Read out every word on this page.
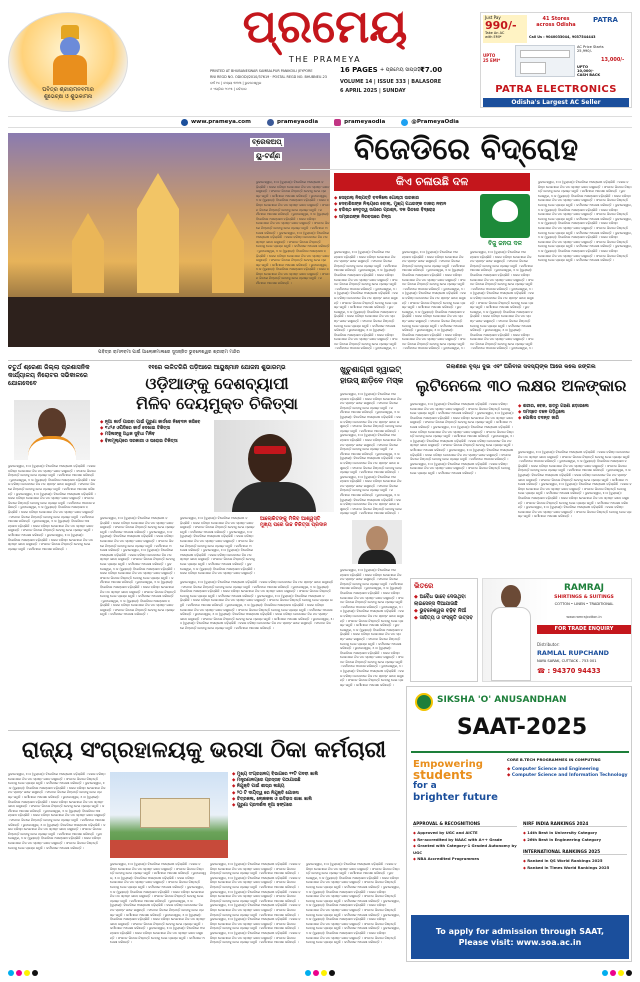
ପବିତ୍ର ଶ୍ରୀରାମନବମୀର
ଶୁଭେଚ୍ଛା ଓ ଶୁଭକାମନା
ପ୍ରମେୟ
THE PRAMEYA
PRINTED AT BHUBANESWAR SAMBALPUR PANIKOILI JEYPORE
RNI REGD NO. ODIODI/2010/37619 · POSTAL REGD NO. BHUBNEU-23
ବର୍ଷ ୧୪ | ସଂଖ୍ୟା ୩୩୩ | ଭୁବନେଶ୍ୱର
୬ ଏପ୍ରିଲ ୨୦୨୫ | ରବିବାର
16 PAGES + ପ୍ରମେୟ ସାପ୍ତାହିକ
₹7.00
VOLUME 14 | ISSUE 333 | BALASORE
6 APRIL 2025 | SUNDAY
Just Pay
990/-
Take An AC
with EMI*
41 Stores
across Odisha
PATRA
Call Us : 9040033044, 9037544443
UPTO
25 EMI*
AC Price Starts
25,990/-
13,000/-
UPTO
10,000/-
CASH BACK
PATRA ELECTRONICS
Odisha's Largest AC Seller
www.prameya.com	prameyaodia	prameyaodia	@PrameyaOdia
ପବିତ୍ର ରାମନବମୀ ପାଇଁ ଆଲୋକମାଳାରେ ସୁସଜ୍ଜିତ ଭୁବନେଶ୍ୱର ଶ୍ରୀରାମ ମନ୍ଦିର
ବ୍ରେକଅପ୍
ୟୁ-ଟର୍ଣ୍ଣ	ବିଜେଡିରେ ବିଦ୍ରୋହ
କିଏ ଚଳାଉଛି ଦଳ
◆ ସେହ୍ରଲ୍ ନିଷ୍ପତ୍ତି ବଦଳିଲେ ଗୋଷ୍ଠୀ ତାରକାର
◆ ଦେବାଶିଷଙ୍କ ନିଶ୍ଚୟରେ ବୋଲା, ମୁଖ୍ୟ ପଥରଙ୍କ ଡାକରା ନବୀନ
◆ ବରିଷ୍ଠ ନେତୃତ୍ୱ ଉପରେ ପ୍ରଶ୍ନ, ଦଳ ଭିତରେ ବିଦ୍ରୋହ
◆ ସମ୍ଭୀରଙ୍କ ନିରବତାରେ ଚିନ୍ତା
ବିଜୁ ଜନତା ଦଳ
ଭୁବନେଶ୍ୱର, ୫।୪ (ବ୍ୟୁରୋ): ବିଜେଡିରେ ଅସନ୍ତୋଷ ବଢ଼ିଚାଲିଛି । ଦଳର ବରିଷ୍ଠ ନେତାମାନେ ନିଜ ମତ ସ୍ପଷ୍ଟ ଭାବେ ରଖୁଛନ୍ତି । ସଂଗଠନ ଭିତରେ ନିଷ୍ପତ୍ତି ନେବାକୁ ନେଇ ପ୍ରଶ୍ନ ଉଠୁଛି । କର୍ମୀମାନେ ଅପେକ୍ଷା କରିଛନ୍ତି । ଭୁବନେଶ୍ୱର, ୫।୪ (ବ୍ୟୁରୋ): ବିଜେଡିରେ ଅସନ୍ତୋଷ ବଢ଼ିଚାଲିଛି । ଦଳର ବରିଷ୍ଠ ନେତାମାନେ ନିଜ ମତ ସ୍ପଷ୍ଟ ଭାବେ ରଖୁଛନ୍ତି । ସଂଗଠନ ଭିତରେ ନିଷ୍ପତ୍ତି ନେବାକୁ ନେଇ ପ୍ରଶ୍ନ ଉଠୁଛି । କର୍ମୀମାନେ ଅପେକ୍ଷା କରିଛନ୍ତି । ଭୁବନେଶ୍ୱର, ୫।୪ (ବ୍ୟୁରୋ): ବିଜେଡିରେ ଅସନ୍ତୋଷ ବଢ଼ିଚାଲିଛି । ଦଳର ବରିଷ୍ଠ ନେତାମାନେ ନିଜ ମତ ସ୍ପଷ୍ଟ ଭାବେ ରଖୁଛନ୍ତି । ସଂଗଠନ ଭିତରେ ନିଷ୍ପତ୍ତି ନେବାକୁ ନେଇ ପ୍ରଶ୍ନ ଉଠୁଛି । କର୍ମୀମାନେ ଅପେକ୍ଷା କରିଛନ୍ତି । ଭୁବନେଶ୍ୱର, ୫।୪ (ବ୍ୟୁରୋ): ବିଜେଡିରେ ଅସନ୍ତୋଷ ବଢ଼ିଚାଲିଛି । ଦଳର ବରିଷ୍ଠ ନେତାମାନେ ନିଜ ମତ ସ୍ପଷ୍ଟ ଭାବେ ରଖୁଛନ୍ତି । ସଂଗଠନ ଭିତରେ ନିଷ୍ପତ୍ତି ନେବାକୁ ନେଇ ପ୍ରଶ୍ନ ଉଠୁଛି । କର୍ମୀମାନେ ଅପେକ୍ଷା କରିଛନ୍ତି । ଭୁବନେଶ୍ୱର, ୫।୪ (ବ୍ୟୁରୋ): ବିଜେଡିରେ ଅସନ୍ତୋଷ ବଢ଼ିଚାଲିଛି । ଦଳର ବରିଷ୍ଠ ନେତାମାନେ ନିଜ ମତ ସ୍ପଷ୍ଟ ଭାବେ ରଖୁଛନ୍ତି । ସଂଗଠନ ଭିତରେ ନିଷ୍ପତ୍ତି ନେବାକୁ ନେଇ ପ୍ରଶ୍ନ ଉଠୁଛି । କର୍ମୀମାନେ ଅପେକ୍ଷା କରିଛନ୍ତି । ଭୁବନେଶ୍ୱର, ୫।୪ (ବ୍ୟୁରୋ): ବିଜେଡିରେ ଅସନ୍ତୋଷ ବଢ଼ିଚାଲିଛି । ଦଳର ବରିଷ୍ଠ ନେତାମାନେ ନିଜ ମତ ସ୍ପଷ୍ଟ ଭାବେ ରଖୁଛନ୍ତି । ସଂଗଠନ ଭିତରେ ନିଷ୍ପତ୍ତି ନେବାକୁ ନେଇ ପ୍ରଶ୍ନ ଉଠୁଛି । କର୍ମୀମାନେ ଅପେକ୍ଷା କରିଛନ୍ତି ।
ଭୁବନେଶ୍ୱର, ୫।୪ (ବ୍ୟୁରୋ): ବିଜେଡିରେ ଅସନ୍ତୋଷ ବଢ଼ିଚାଲିଛି । ଦଳର ବରିଷ୍ଠ ନେତାମାନେ ନିଜ ମତ ସ୍ପଷ୍ଟ ଭାବେ ରଖୁଛନ୍ତି । ସଂଗଠନ ଭିତରେ ନିଷ୍ପତ୍ତି ନେବାକୁ ନେଇ ପ୍ରଶ୍ନ ଉଠୁଛି । କର୍ମୀମାନେ ଅପେକ୍ଷା କରିଛନ୍ତି । ଭୁବନେଶ୍ୱର, ୫।୪ (ବ୍ୟୁରୋ): ବିଜେଡିରେ ଅସନ୍ତୋଷ ବଢ଼ିଚାଲିଛି । ଦଳର ବରିଷ୍ଠ ନେତାମାନେ ନିଜ ମତ ସ୍ପଷ୍ଟ ଭାବେ ରଖୁଛନ୍ତି । ସଂଗଠନ ଭିତରେ ନିଷ୍ପତ୍ତି ନେବାକୁ ନେଇ ପ୍ରଶ୍ନ ଉଠୁଛି । କର୍ମୀମାନେ ଅପେକ୍ଷା କରିଛନ୍ତି । ଭୁବନେଶ୍ୱର, ୫।୪ (ବ୍ୟୁରୋ): ବିଜେଡିରେ ଅସନ୍ତୋଷ ବଢ଼ିଚାଲିଛି । ଦଳର ବରିଷ୍ଠ ନେତାମାନେ ନିଜ ମତ ସ୍ପଷ୍ଟ ଭାବେ ରଖୁଛନ୍ତି । ସଂଗଠନ ଭିତରେ ନିଷ୍ପତ୍ତି ନେବାକୁ ନେଇ ପ୍ରଶ୍ନ ଉଠୁଛି । କର୍ମୀମାନେ ଅପେକ୍ଷା କରିଛନ୍ତି । ଭୁବନେଶ୍ୱର, ୫।୪ (ବ୍ୟୁରୋ): ବିଜେଡିରେ ଅସନ୍ତୋଷ ବଢ଼ିଚାଲିଛି । ଦଳର ବରିଷ୍ଠ ନେତାମାନେ ନିଜ ମତ ସ୍ପଷ୍ଟ ଭାବେ ରଖୁଛନ୍ତି । ସଂଗଠନ ଭିତରେ ନିଷ୍ପତ୍ତି ନେବାକୁ ନେଇ ପ୍ରଶ୍ନ ଉଠୁଛି । କର୍ମୀମାନେ ଅପେକ୍ଷା କରିଛନ୍ତି । ଭୁବନେଶ୍ୱର, ୫।୪ (ବ୍ୟୁରୋ): ବିଜେଡିରେ ଅସନ୍ତୋଷ ବଢ଼ିଚାଲିଛି । ଦଳର ବରିଷ୍ଠ ନେତାମାନେ ନିଜ ମତ ସ୍ପଷ୍ଟ ଭାବେ ରଖୁଛନ୍ତି । ସଂଗଠନ ଭିତରେ ନିଷ୍ପତ୍ତି ନେବାକୁ ନେଇ ପ୍ରଶ୍ନ ଉଠୁଛି । କର୍ମୀମାନେ ଅପେକ୍ଷା କରିଛନ୍ତି । ଭୁବନେଶ୍ୱର, ୫।
ଭୁବନେଶ୍ୱର, ୫।୪ (ବ୍ୟୁରୋ): ବିଜେଡିରେ ଅସନ୍ତୋଷ ବଢ଼ିଚାଲିଛି । ଦଳର ବରିଷ୍ଠ ନେତାମାନେ ନିଜ ମତ ସ୍ପଷ୍ଟ ଭାବେ ରଖୁଛନ୍ତି । ସଂଗଠନ ଭିତରେ ନିଷ୍ପତ୍ତି ନେବାକୁ ନେଇ ପ୍ରଶ୍ନ ଉଠୁଛି । କର୍ମୀମାନେ ଅପେକ୍ଷା କରିଛନ୍ତି । ଭୁବନେଶ୍ୱର, ୫।୪ (ବ୍ୟୁରୋ): ବିଜେଡିରେ ଅସନ୍ତୋଷ ବଢ଼ିଚାଲିଛି । ଦଳର ବରିଷ୍ଠ ନେତାମାନେ ନିଜ ମତ ସ୍ପଷ୍ଟ ଭାବେ ରଖୁଛନ୍ତି । ସଂଗଠନ ଭିତରେ ନିଷ୍ପତ୍ତି ନେବାକୁ ନେଇ ପ୍ରଶ୍ନ ଉଠୁଛି । କର୍ମୀମାନେ ଅପେକ୍ଷା କରିଛନ୍ତି । ଭୁବନେଶ୍ୱର, ୫।୪ (ବ୍ୟୁରୋ): ବିଜେଡିରେ ଅସନ୍ତୋଷ ବଢ଼ିଚାଲିଛି । ଦଳର ବରିଷ୍ଠ ନେତାମାନେ ନିଜ ମତ ସ୍ପଷ୍ଟ ଭାବେ ରଖୁଛନ୍ତି । ସଂଗଠନ ଭିତରେ ନିଷ୍ପତ୍ତି ନେବାକୁ ନେଇ ପ୍ରଶ୍ନ ଉଠୁଛି । କର୍ମୀମାନେ ଅପେକ୍ଷା କରିଛନ୍ତି । ଭୁବନେଶ୍ୱର, ୫।୪ (ବ୍ୟୁରୋ): ବିଜେଡିରେ ଅସନ୍ତୋଷ ବଢ଼ିଚାଲିଛି । ଦଳର ବରିଷ୍ଠ ନେତାମାନେ ନିଜ ମତ ସ୍ପଷ୍ଟ ଭାବେ ରଖୁଛନ୍ତି । ସଂଗଠନ ଭିତରେ ନିଷ୍ପତ୍ତି ନେବାକୁ ନେଇ ପ୍ରଶ୍ନ ଉଠୁଛି । କର୍ମୀମାନେ ଅପେକ୍ଷା କରିଛନ୍ତି । ଭୁବନେଶ୍ୱର, ୫।୪ (ବ୍ୟୁରୋ): ବିଜେଡିରେ ଅସନ୍ତୋଷ ବଢ଼ିଚାଲିଛି । ଦଳର ବରିଷ୍ଠ ନେତାମାନେ ନିଜ ମତ ସ୍ପଷ୍ଟ ଭାବେ ରଖୁଛନ୍ତି । ସଂଗଠନ ଭିତରେ ନିଷ୍ପତ୍ତି ନେବାକୁ ନେଇ ପ୍ରଶ୍ନ ଉଠୁଛି । କର୍ମୀମାନେ ଅପେକ୍ଷା କରିଛନ୍ତି । ଭୁବନେଶ୍ୱର, ୫।
ଭୁବନେଶ୍ୱର, ୫।୪ (ବ୍ୟୁରୋ): ବିଜେଡିରେ ଅସନ୍ତୋଷ ବଢ଼ିଚାଲିଛି । ଦଳର ବରିଷ୍ଠ ନେତାମାନେ ନିଜ ମତ ସ୍ପଷ୍ଟ ଭାବେ ରଖୁଛନ୍ତି । ସଂଗଠନ ଭିତରେ ନିଷ୍ପତ୍ତି ନେବାକୁ ନେଇ ପ୍ରଶ୍ନ ଉଠୁଛି । କର୍ମୀମାନେ ଅପେକ୍ଷା କରିଛନ୍ତି । ଭୁବନେଶ୍ୱର, ୫।୪ (ବ୍ୟୁରୋ): ବିଜେଡିରେ ଅସନ୍ତୋଷ ବଢ଼ିଚାଲିଛି । ଦଳର ବରିଷ୍ଠ ନେତାମାନେ ନିଜ ମତ ସ୍ପଷ୍ଟ ଭାବେ ରଖୁଛନ୍ତି । ସଂଗଠନ ଭିତରେ ନିଷ୍ପତ୍ତି ନେବାକୁ ନେଇ ପ୍ରଶ୍ନ ଉଠୁଛି । କର୍ମୀମାନେ ଅପେକ୍ଷା କରିଛନ୍ତି । ଭୁବନେଶ୍ୱର, ୫।୪ (ବ୍ୟୁରୋ): ବିଜେଡିରେ ଅସନ୍ତୋଷ ବଢ଼ିଚାଲିଛି । ଦଳର ବରିଷ୍ଠ ନେତାମାନେ ନିଜ ମତ ସ୍ପଷ୍ଟ ଭାବେ ରଖୁଛନ୍ତି । ସଂଗଠନ ଭିତରେ ନିଷ୍ପତ୍ତି ନେବାକୁ ନେଇ ପ୍ରଶ୍ନ ଉଠୁଛି । କର୍ମୀମାନେ ଅପେକ୍ଷା କରିଛନ୍ତି । ଭୁବନେଶ୍ୱର, ୫।୪ (ବ୍ୟୁରୋ): ବିଜେଡିରେ ଅସନ୍ତୋଷ ବଢ଼ିଚାଲିଛି । ଦଳର ବରିଷ୍ଠ ନେତାମାନେ ନିଜ ମତ ସ୍ପଷ୍ଟ ଭାବେ ରଖୁଛନ୍ତି । ସଂଗଠନ ଭିତରେ ନିଷ୍ପତ୍ତି ନେବାକୁ ନେଇ ପ୍ରଶ୍ନ ଉଠୁଛି । କର୍ମୀମାନେ ଅପେକ୍ଷା କରିଛନ୍ତି । ଭୁବନେଶ୍ୱର, ୫।୪ (ବ୍ୟୁରୋ): ବିଜେଡିରେ ଅସନ୍ତୋଷ ବଢ଼ିଚାଲିଛି । ଦଳର ବରିଷ୍ଠ ନେତାମାନେ ନିଜ ମତ ସ୍ପଷ୍ଟ ଭାବେ ରଖୁଛନ୍ତି । ସଂଗଠନ ଭିତରେ ନିଷ୍ପତ୍ତି ନେବାକୁ ନେଇ ପ୍ରଶ୍ନ ଉଠୁଛି । କର୍ମୀମାନେ ଅପେକ୍ଷା କରିଛନ୍ତି । ଭୁବନେଶ୍ୱର, ୫।
ଭୁବନେଶ୍ୱର, ୫।୪ (ବ୍ୟୁରୋ): ବିଜେଡିରେ ଅସନ୍ତୋଷ ବଢ଼ିଚାଲିଛି । ଦଳର ବରିଷ୍ଠ ନେତାମାନେ ନିଜ ମତ ସ୍ପଷ୍ଟ ଭାବେ ରଖୁଛନ୍ତି । ସଂଗଠନ ଭିତରେ ନିଷ୍ପତ୍ତି ନେବାକୁ ନେଇ ପ୍ରଶ୍ନ ଉଠୁଛି । କର୍ମୀମାନେ ଅପେକ୍ଷା କରିଛନ୍ତି । ଭୁବନେଶ୍ୱର, ୫।୪ (ବ୍ୟୁରୋ): ବିଜେଡିରେ ଅସନ୍ତୋଷ ବଢ଼ିଚାଲିଛି । ଦଳର ବରିଷ୍ଠ ନେତାମାନେ ନିଜ ମତ ସ୍ପଷ୍ଟ ଭାବେ ରଖୁଛନ୍ତି । ସଂଗଠନ ଭିତରେ ନିଷ୍ପତ୍ତି ନେବାକୁ ନେଇ ପ୍ରଶ୍ନ ଉଠୁଛି । କର୍ମୀମାନେ ଅପେକ୍ଷା କରିଛନ୍ତି । ଭୁବନେଶ୍ୱର, ୫।୪ (ବ୍ୟୁରୋ): ବିଜେଡିରେ ଅସନ୍ତୋଷ ବଢ଼ିଚାଲିଛି । ଦଳର ବରିଷ୍ଠ ନେତାମାନେ ନିଜ ମତ ସ୍ପଷ୍ଟ ଭାବେ ରଖୁଛନ୍ତି । ସଂଗଠନ ଭିତରେ ନିଷ୍ପତ୍ତି ନେବାକୁ ନେଇ ପ୍ରଶ୍ନ ଉଠୁଛି । କର୍ମୀମାନେ ଅପେକ୍ଷା କରିଛନ୍ତି । ଭୁବନେଶ୍ୱର, ୫।୪ (ବ୍ୟୁରୋ): ବିଜେଡିରେ ଅସନ୍ତୋଷ ବଢ଼ିଚାଲିଛି । ଦଳର ବରିଷ୍ଠ ନେତାମାନେ ନିଜ ମତ ସ୍ପଷ୍ଟ ଭାବେ ରଖୁଛନ୍ତି । ସଂଗଠନ ଭିତରେ ନିଷ୍ପତ୍ତି ନେବାକୁ ନେଇ ପ୍ରଶ୍ନ ଉଠୁଛି । କର୍ମୀମାନେ ଅପେକ୍ଷା କରିଛନ୍ତି । ଭୁବନେଶ୍ୱର, ୫।୪ (ବ୍ୟୁରୋ): ବିଜେଡିରେ ଅସନ୍ତୋଷ ବଢ଼ିଚାଲିଛି । ଦଳର ବରିଷ୍ଠ ନେତାମାନେ ନିଜ ମତ ସ୍ପଷ୍ଟ ଭାବେ ରଖୁଛନ୍ତି । ସଂଗଠନ ଭିତରେ ନିଷ୍ପତ୍ତି ନେବାକୁ ନେଇ ପ୍ରଶ୍ନ ଉଠୁଛି । କର୍ମୀମାନେ ଅପେକ୍ଷା କରିଛନ୍ତି । ଭୁବନେଶ୍ୱର, ୫।୪ (ବ୍ୟୁରୋ): ବିଜେଡିରେ ଅସନ୍ତୋଷ ବଢ଼ିଚାଲିଛି । ଦଳର ବରିଷ୍ଠ ନେତାମାନେ ନିଜ ମତ ସ୍ପଷ୍ଟ ଭାବେ ରଖୁଛନ୍ତି । ସଂଗଠନ ଭିତରେ ନିଷ୍ପତ୍ତି ନେବାକୁ ନେଇ ପ୍ରଶ୍ନ ଉଠୁଛି । କର୍ମୀମାନେ ଅପେକ୍ଷା କରିଛନ୍ତି ।
ଚତୁର୍ଥ ଶ୍ରେଣୀ ଜିଲ୍ଲା ପ୍ରଶାସନିକ କାର୍ଯ୍ୟାଳୟ ନିରୋଟର ସଭିକାଳରେ ଯୋଗଦେବେ
ଭୁବନେଶ୍ୱର, ୫।୪ (ବ୍ୟୁରୋ): ବିଜେଡିରେ ଅସନ୍ତୋଷ ବଢ଼ିଚାଲିଛି । ଦଳର ବରିଷ୍ଠ ନେତାମାନେ ନିଜ ମତ ସ୍ପଷ୍ଟ ଭାବେ ରଖୁଛନ୍ତି । ସଂଗଠନ ଭିତରେ ନିଷ୍ପତ୍ତି ନେବାକୁ ନେଇ ପ୍ରଶ୍ନ ଉଠୁଛି । କର୍ମୀମାନେ ଅପେକ୍ଷା କରିଛନ୍ତି । ଭୁବନେଶ୍ୱର, ୫।୪ (ବ୍ୟୁରୋ): ବିଜେଡିରେ ଅସନ୍ତୋଷ ବଢ଼ିଚାଲିଛି । ଦଳର ବରିଷ୍ଠ ନେତାମାନେ ନିଜ ମତ ସ୍ପଷ୍ଟ ଭାବେ ରଖୁଛନ୍ତି । ସଂଗଠନ ଭିତରେ ନିଷ୍ପତ୍ତି ନେବାକୁ ନେଇ ପ୍ରଶ୍ନ ଉଠୁଛି । କର୍ମୀମାନେ ଅପେକ୍ଷା କରିଛନ୍ତି । ଭୁବନେଶ୍ୱର, ୫।୪ (ବ୍ୟୁରୋ): ବିଜେଡିରେ ଅସନ୍ତୋଷ ବଢ଼ିଚାଲିଛି । ଦଳର ବରିଷ୍ଠ ନେତାମାନେ ନିଜ ମତ ସ୍ପଷ୍ଟ ଭାବେ ରଖୁଛନ୍ତି । ସଂଗଠନ ଭିତରେ ନିଷ୍ପତ୍ତି ନେବାକୁ ନେଇ ପ୍ରଶ୍ନ ଉଠୁଛି । କର୍ମୀମାନେ ଅପେକ୍ଷା କରିଛନ୍ତି । ଭୁବନେଶ୍ୱର, ୫।୪ (ବ୍ୟୁରୋ): ବିଜେଡିରେ ଅସନ୍ତୋଷ ବଢ଼ିଚାଲିଛି । ଦଳର ବରିଷ୍ଠ ନେତାମାନେ ନିଜ ମତ ସ୍ପଷ୍ଟ ଭାବେ ରଖୁଛନ୍ତି । ସଂଗଠନ ଭିତରେ ନିଷ୍ପତ୍ତି ନେବାକୁ ନେଇ ପ୍ରଶ୍ନ ଉଠୁଛି । କର୍ମୀମାନେ ଅପେକ୍ଷା କରିଛନ୍ତି । ଭୁବନେଶ୍ୱର, ୫।୪ (ବ୍ୟୁରୋ): ବିଜେଡିରେ ଅସନ୍ତୋଷ ବଢ଼ିଚାଲିଛି । ଦଳର ବରିଷ୍ଠ ନେତାମାନେ ନିଜ ମତ ସ୍ପଷ୍ଟ ଭାବେ ରଖୁଛନ୍ତି । ସଂଗଠନ ଭିତରେ ନିଷ୍ପତ୍ତି ନେବାକୁ ନେଇ ପ୍ରଶ୍ନ ଉଠୁଛି । କର୍ମୀମାନେ ଅପେକ୍ଷା କରିଛନ୍ତି । ଭୁବନେଶ୍ୱର, ୫।୪ (ବ୍ୟୁରୋ): ବିଜେଡିରେ ଅସନ୍ତୋଷ ବଢ଼ିଚାଲିଛି । ଦଳର ବରିଷ୍ଠ ନେତାମାନେ ନିଜ ମତ ସ୍ପଷ୍ଟ ଭାବେ ରଖୁଛନ୍ତି । ସଂଗଠନ ଭିତରେ ନିଷ୍ପତ୍ତି ନେବାକୁ ନେଇ ପ୍ରଶ୍ନ ଉଠୁଛି । କର୍ମୀମାନେ ଅପେକ୍ଷା କରିଛନ୍ତି ।
୧୧ରେ ଲଳିତଗିରି ପଡ଼ିଆରେ ଆୟୁଷ୍ମାନ ଯୋଜନା ଶୁଭାରମ୍ଭ
ଓଡ଼ିଆଙ୍କୁ ଦେଶବ୍ୟାପୀ
ମିଳିବ ଦେୟମୁକ୍ତ ଚିକିତ୍ସା
◆ ନୂଆ କାର୍ଡ ପାଇବା ପାଇଁ ପୁରୁଣା କାର୍ଡରେ ନିବେଦନ କରିବେ
◆ ୧୪୨୬ ଓପିଡିରେ କାର୍ଡ ଦେଖାଇ ଚିକିତ୍ସା
◆ ମହିଳାଙ୍କୁ ଅଧିକ ସୁବିଧା ମିଳିବ
◆ ବିନାମୂଲ୍ୟରେ ସରକାରୀ ଓ ଘରୋଇ ଚିକିତ୍ସା
ଭୁବନେଶ୍ୱର, ୫।୪ (ବ୍ୟୁରୋ): ବିଜେଡିରେ ଅସନ୍ତୋଷ ବଢ଼ିଚାଲିଛି । ଦଳର ବରିଷ୍ଠ ନେତାମାନେ ନିଜ ମତ ସ୍ପଷ୍ଟ ଭାବେ ରଖୁଛନ୍ତି । ସଂଗଠନ ଭିତରେ ନିଷ୍ପତ୍ତି ନେବାକୁ ନେଇ ପ୍ରଶ୍ନ ଉଠୁଛି । କର୍ମୀମାନେ ଅପେକ୍ଷା କରିଛନ୍ତି । ଭୁବନେଶ୍ୱର, ୫।୪ (ବ୍ୟୁରୋ): ବିଜେଡିରେ ଅସନ୍ତୋଷ ବଢ଼ିଚାଲିଛି । ଦଳର ବରିଷ୍ଠ ନେତାମାନେ ନିଜ ମତ ସ୍ପଷ୍ଟ ଭାବେ ରଖୁଛନ୍ତି । ସଂଗଠନ ଭିତରେ ନିଷ୍ପତ୍ତି ନେବାକୁ ନେଇ ପ୍ରଶ୍ନ ଉଠୁଛି । କର୍ମୀମାନେ ଅପେକ୍ଷା କରିଛନ୍ତି । ଭୁବନେଶ୍ୱର, ୫।୪ (ବ୍ୟୁରୋ): ବିଜେଡିରେ ଅସନ୍ତୋଷ ବଢ଼ିଚାଲିଛି । ଦଳର ବରିଷ୍ଠ ନେତାମାନେ ନିଜ ମତ ସ୍ପଷ୍ଟ ଭାବେ ରଖୁଛନ୍ତି । ସଂଗଠନ ଭିତରେ ନିଷ୍ପତ୍ତି ନେବାକୁ ନେଇ ପ୍ରଶ୍ନ ଉଠୁଛି । କର୍ମୀମାନେ ଅପେକ୍ଷା କରିଛନ୍ତି । ଭୁବନେଶ୍ୱର, ୫।୪ (ବ୍ୟୁରୋ): ବିଜେଡିରେ ଅସନ୍ତୋଷ ବଢ଼ିଚାଲିଛି । ଦଳର ବରିଷ୍ଠ ନେତାମାନେ ନିଜ ମତ ସ୍ପଷ୍ଟ ଭାବେ ରଖୁଛନ୍ତି । ସଂଗଠନ ଭିତରେ ନିଷ୍ପତ୍ତି ନେବାକୁ ନେଇ ପ୍ରଶ୍ନ ଉଠୁଛି । କର୍ମୀମାନେ ଅପେକ୍ଷା କରିଛନ୍ତି । ଭୁବନେଶ୍ୱର, ୫।୪ (ବ୍ୟୁରୋ): ବିଜେଡିରେ ଅସନ୍ତୋଷ ବଢ଼ିଚାଲିଛି । ଦଳର ବରିଷ୍ଠ ନେତାମାନେ ନିଜ ମତ ସ୍ପଷ୍ଟ ଭାବେ ରଖୁଛନ୍ତି । ସଂଗଠନ ଭିତରେ ନିଷ୍ପତ୍ତି ନେବାକୁ ନେଇ ପ୍ରଶ୍ନ ଉଠୁଛି । କର୍ମୀମାନେ ଅପେକ୍ଷା କରିଛନ୍ତି । ଭୁବନେଶ୍ୱର, ୫।୪ (ବ୍ୟୁରୋ): ବିଜେଡିରେ ଅସନ୍ତୋଷ ବଢ଼ିଚାଲିଛି । ଦଳର ବରିଷ୍ଠ ନେତାମାନେ ନିଜ ମତ ସ୍ପଷ୍ଟ ଭାବେ ରଖୁଛନ୍ତି । ସଂଗଠନ ଭିତରେ ନିଷ୍ପତ୍ତି ନେବାକୁ ନେଇ ପ୍ରଶ୍ନ ଉଠୁଛି । କର୍ମୀମାନେ ଅପେକ୍ଷା କରିଛନ୍ତି ।
ଭୁବନେଶ୍ୱର, ୫।୪ (ବ୍ୟୁରୋ): ବିଜେଡିରେ ଅସନ୍ତୋଷ ବଢ଼ିଚାଲିଛି । ଦଳର ବରିଷ୍ଠ ନେତାମାନେ ନିଜ ମତ ସ୍ପଷ୍ଟ ଭାବେ ରଖୁଛନ୍ତି । ସଂଗଠନ ଭିତରେ ନିଷ୍ପତ୍ତି ନେବାକୁ ନେଇ ପ୍ରଶ୍ନ ଉଠୁଛି । କର୍ମୀମାନେ ଅପେକ୍ଷା କରିଛନ୍ତି । ଭୁବନେଶ୍ୱର, ୫।୪ (ବ୍ୟୁରୋ): ବିଜେଡିରେ ଅସନ୍ତୋଷ ବଢ଼ିଚାଲିଛି । ଦଳର ବରିଷ୍ଠ ନେତାମାନେ ନିଜ ମତ ସ୍ପଷ୍ଟ ଭାବେ ରଖୁଛନ୍ତି । ସଂଗଠନ ଭିତରେ ନିଷ୍ପତ୍ତି ନେବାକୁ ନେଇ ପ୍ରଶ୍ନ ଉଠୁଛି । କର୍ମୀମାନେ ଅପେକ୍ଷା କରିଛନ୍ତି । ଭୁବନେଶ୍ୱର, ୫।୪ (ବ୍ୟୁରୋ): ବିଜେଡିରେ ଅସନ୍ତୋଷ ବଢ଼ିଚାଲିଛି । ଦଳର ବରିଷ୍ଠ ନେତାମାନେ ନିଜ ମତ ସ୍ପଷ୍ଟ ଭାବେ ରଖୁଛନ୍ତି । ସଂଗଠନ ଭିତରେ ନିଷ୍ପତ୍ତି ନେବାକୁ ନେଇ ପ୍ରଶ୍ନ ଉଠୁଛି । କର୍ମୀମାନେ ଅପେକ୍ଷା କରିଛନ୍ତି । ଭୁବନେଶ୍ୱର, ୫।୪ (ବ୍ୟୁରୋ): ବିଜେଡିରେ ଅସନ୍ତୋଷ ବଢ଼ିଚାଲିଛି । ଦଳର ବରିଷ୍ଠ ନେତାମାନେ ନିଜ ମତ ସ୍ପଷ୍ଟ ଭାବେ ରଖୁଛନ୍ତି ।
ଆଲୋକିତଙ୍କୁ ମିଳିବ ଆଶ୍ୱସ୍ତି
ମୁଖ୍ୟ ପରେ ଉଚ୍ଚ ଚିକିତ୍ସା ପ୍ରଦାନ
ଭୁବନେଶ୍ୱର, ୫।୪ (ବ୍ୟୁରୋ): ବିଜେଡିରେ ଅସନ୍ତୋଷ ବଢ଼ିଚାଲିଛି । ଦଳର ବରିଷ୍ଠ ନେତାମାନେ ନିଜ ମତ ସ୍ପଷ୍ଟ ଭାବେ ରଖୁଛନ୍ତି । ସଂଗଠନ ଭିତରେ ନିଷ୍ପତ୍ତି ନେବାକୁ ନେଇ ପ୍ରଶ୍ନ ଉଠୁଛି । କର୍ମୀମାନେ ଅପେକ୍ଷା କରିଛନ୍ତି । ଭୁବନେଶ୍ୱର, ୫।୪ (ବ୍ୟୁରୋ): ବିଜେଡିରେ ଅସନ୍ତୋଷ ବଢ଼ିଚାଲିଛି । ଦଳର ବରିଷ୍ଠ ନେତାମାନେ ନିଜ ମତ ସ୍ପଷ୍ଟ ଭାବେ ରଖୁଛନ୍ତି । ସଂଗଠନ ଭିତରେ ନିଷ୍ପତ୍ତି ନେବାକୁ ନେଇ ପ୍ରଶ୍ନ ଉଠୁଛି । କର୍ମୀମାନେ ଅପେକ୍ଷା କରିଛନ୍ତି । ଭୁବନେଶ୍ୱର, ୫।୪ (ବ୍ୟୁରୋ): ବିଜେଡିରେ ଅସନ୍ତୋଷ ବଢ଼ିଚାଲିଛି । ଦଳର ବରିଷ୍ଠ ନେତାମାନେ ନିଜ ମତ ସ୍ପଷ୍ଟ ଭାବେ ରଖୁଛନ୍ତି । ସଂଗଠନ ଭିତରେ ନିଷ୍ପତ୍ତି ନେବାକୁ ନେଇ ପ୍ରଶ୍ନ ଉଠୁଛି । କର୍ମୀମାନେ ଅପେକ୍ଷା କରିଛନ୍ତି । ଭୁବନେଶ୍ୱର, ୫।୪ (ବ୍ୟୁରୋ): ବିଜେଡିରେ ଅସନ୍ତୋଷ ବଢ଼ିଚାଲିଛି । ଦଳର ବରିଷ୍ଠ ନେତାମାନେ ନିଜ ମତ ସ୍ପଷ୍ଟ ଭାବେ ରଖୁଛନ୍ତି । ସଂଗଠନ ଭିତରେ ନିଷ୍ପତ୍ତି ନେବାକୁ ନେଇ ପ୍ରଶ୍ନ ଉଠୁଛି । କର୍ମୀମାନେ ଅପେକ୍ଷା କରିଛନ୍ତି । ଭୁବନେଶ୍ୱର, ୫।୪ (ବ୍ୟୁରୋ): ବିଜେଡିରେ ଅସନ୍ତୋଷ ବଢ଼ିଚାଲିଛି । ଦଳର ବରିଷ୍ଠ ନେତାମାନେ ନିଜ ମତ ସ୍ପଷ୍ଟ ଭାବେ ରଖୁଛନ୍ତି । ସଂଗଠନ ଭିତରେ ନିଷ୍ପତ୍ତି ନେବାକୁ ନେଇ ପ୍ରଶ୍ନ ଉଠୁଛି । କର୍ମୀମାନେ ଅପେକ୍ଷା କରିଛନ୍ତି । ଭୁବନେଶ୍ୱର, ୫।୪ (ବ୍ୟୁରୋ): ବିଜେଡିରେ ଅସନ୍ତୋଷ ବଢ଼ିଚାଲିଛି । ଦଳର ବରିଷ୍ଠ ନେତାମାନେ ନିଜ ମତ ସ୍ପଷ୍ଟ ଭାବେ ରଖୁଛନ୍ତି । ସଂଗଠନ ଭିତରେ ନିଷ୍ପତ୍ତି ନେବାକୁ ନେଇ ପ୍ରଶ୍ନ ଉଠୁଛି । କର୍ମୀମାନେ ଅପେକ୍ଷା କରିଛନ୍ତି ।
ଖୁଚୁଶାଗ୍ରୀ ହ୍ୱାଇଟ୍
ହାଉସ୍ ଛାଡ଼ିବେ ମସ୍କ
ଭୁବନେଶ୍ୱର, ୫।୪ (ବ୍ୟୁରୋ): ବିଜେଡିରେ ଅସନ୍ତୋଷ ବଢ଼ିଚାଲିଛି । ଦଳର ବରିଷ୍ଠ ନେତାମାନେ ନିଜ ମତ ସ୍ପଷ୍ଟ ଭାବେ ରଖୁଛନ୍ତି । ସଂଗଠନ ଭିତରେ ନିଷ୍ପତ୍ତି ନେବାକୁ ନେଇ ପ୍ରଶ୍ନ ଉଠୁଛି । କର୍ମୀମାନେ ଅପେକ୍ଷା କରିଛନ୍ତି । ଭୁବନେଶ୍ୱର, ୫।୪ (ବ୍ୟୁରୋ): ବିଜେଡିରେ ଅସନ୍ତୋଷ ବଢ଼ିଚାଲିଛି । ଦଳର ବରିଷ୍ଠ ନେତାମାନେ ନିଜ ମତ ସ୍ପଷ୍ଟ ଭାବେ ରଖୁଛନ୍ତି । ସଂଗଠନ ଭିତରେ ନିଷ୍ପତ୍ତି ନେବାକୁ ନେଇ ପ୍ରଶ୍ନ ଉଠୁଛି । କର୍ମୀମାନେ ଅପେକ୍ଷା କରିଛନ୍ତି । ଭୁବନେଶ୍ୱର, ୫।୪ (ବ୍ୟୁରୋ): ବିଜେଡିରେ ଅସନ୍ତୋଷ ବଢ଼ିଚାଲିଛି । ଦଳର ବରିଷ୍ଠ ନେତାମାନେ ନିଜ ମତ ସ୍ପଷ୍ଟ ଭାବେ ରଖୁଛନ୍ତି । ସଂଗଠନ ଭିତରେ ନିଷ୍ପତ୍ତି ନେବାକୁ ନେଇ ପ୍ରଶ୍ନ ଉଠୁଛି । କର୍ମୀମାନେ ଅପେକ୍ଷା କରିଛନ୍ତି । ଭୁବନେଶ୍ୱର, ୫।୪ (ବ୍ୟୁରୋ): ବିଜେଡିରେ ଅସନ୍ତୋଷ ବଢ଼ିଚାଲିଛି । ଦଳର ବରିଷ୍ଠ ନେତାମାନେ ନିଜ ମତ ସ୍ପଷ୍ଟ ଭାବେ ରଖୁଛନ୍ତି । ସଂଗଠନ ଭିତରେ ନିଷ୍ପତ୍ତି ନେବାକୁ ନେଇ ପ୍ରଶ୍ନ ଉଠୁଛି । କର୍ମୀମାନେ ଅପେକ୍ଷା କରିଛନ୍ତି । ଭୁବନେଶ୍ୱର, ୫।୪ (ବ୍ୟୁରୋ): ବିଜେଡିରେ ଅସନ୍ତୋଷ ବଢ଼ିଚାଲିଛି । ଦଳର ବରିଷ୍ଠ ନେତାମାନେ ନିଜ ମତ ସ୍ପଷ୍ଟ ଭାବେ ରଖୁଛନ୍ତି । ସଂଗଠନ ଭିତରେ ନିଷ୍ପତ୍ତି ନେବାକୁ ନେଇ ପ୍ରଶ୍ନ ଉଠୁଛି । କର୍ମୀମାନେ ଅପେକ୍ଷା କରିଛନ୍ତି । ଭୁବନେଶ୍ୱର, ୫।୪ (ବ୍ୟୁରୋ): ବିଜେଡିରେ ଅସନ୍ତୋଷ ବଢ଼ିଚାଲିଛି । ଦଳର ବରିଷ୍ଠ ନେତାମାନେ ନିଜ ମତ ସ୍ପଷ୍ଟ ଭାବେ ରଖୁଛନ୍ତି । ସଂଗଠନ ଭିତରେ ନିଷ୍ପତ୍ତି ନେବାକୁ ନେଇ ପ୍ରଶ୍ନ ଉଠୁଛି । କର୍ମୀମାନେ ଅପେକ୍ଷା କରିଛନ୍ତି ।
ଭୁବନେଶ୍ୱର, ୫।୪ (ବ୍ୟୁରୋ): ବିଜେଡିରେ ଅସନ୍ତୋଷ ବଢ଼ିଚାଲିଛି । ଦଳର ବରିଷ୍ଠ ନେତାମାନେ ନିଜ ମତ ସ୍ପଷ୍ଟ ଭାବେ ରଖୁଛନ୍ତି । ସଂଗଠନ ଭିତରେ ନିଷ୍ପତ୍ତି ନେବାକୁ ନେଇ ପ୍ରଶ୍ନ ଉଠୁଛି । କର୍ମୀମାନେ ଅପେକ୍ଷା କରିଛନ୍ତି । ଭୁବନେଶ୍ୱର, ୫।୪ (ବ୍ୟୁରୋ): ବିଜେଡିରେ ଅସନ୍ତୋଷ ବଢ଼ିଚାଲିଛି । ଦଳର ବରିଷ୍ଠ ନେତାମାନେ ନିଜ ମତ ସ୍ପଷ୍ଟ ଭାବେ ରଖୁଛନ୍ତି । ସଂଗଠନ ଭିତରେ ନିଷ୍ପତ୍ତି ନେବାକୁ ନେଇ ପ୍ରଶ୍ନ ଉଠୁଛି । କର୍ମୀମାନେ ଅପେକ୍ଷା କରିଛନ୍ତି । ଭୁବନେଶ୍ୱର, ୫।୪ (ବ୍ୟୁରୋ): ବିଜେଡିରେ ଅସନ୍ତୋଷ ବଢ଼ିଚାଲିଛି । ଦଳର ବରିଷ୍ଠ ନେତାମାନେ ନିଜ ମତ ସ୍ପଷ୍ଟ ଭାବେ ରଖୁଛନ୍ତି । ସଂଗଠନ ଭିତରେ ନିଷ୍ପତ୍ତି ନେବାକୁ ନେଇ ପ୍ରଶ୍ନ ଉଠୁଛି । କର୍ମୀମାନେ ଅପେକ୍ଷା କରିଛନ୍ତି । ଭୁବନେଶ୍ୱର, ୫।୪ (ବ୍ୟୁରୋ): ବିଜେଡିରେ ଅସନ୍ତୋଷ ବଢ଼ିଚାଲିଛି । ଦଳର ବରିଷ୍ଠ ନେତାମାନେ ନିଜ ମତ ସ୍ପଷ୍ଟ ଭାବେ ରଖୁଛନ୍ତି । ସଂଗଠନ ଭିତରେ ନିଷ୍ପତ୍ତି ନେବାକୁ ନେଇ ପ୍ରଶ୍ନ ଉଠୁଛି । କର୍ମୀମାନେ ଅପେକ୍ଷା କରିଛନ୍ତି । ଭୁବନେଶ୍ୱର, ୫।୪ (ବ୍ୟୁରୋ): ବିଜେଡିରେ ଅସନ୍ତୋଷ ବଢ଼ିଚାଲିଛି । ଦଳର ବରିଷ୍ଠ ନେତାମାନେ ନିଜ ମତ ସ୍ପଷ୍ଟ ଭାବେ ରଖୁଛନ୍ତି । ସଂଗଠନ ଭିତରେ ନିଷ୍ପତ୍ତି ନେବାକୁ ନେଇ ପ୍ରଶ୍ନ ଉଠୁଛି । କର୍ମୀମାନେ ଅପେକ୍ଷା କରିଛନ୍ତି । ଭୁବନେଶ୍ୱର, ୫।୪ (ବ୍ୟୁରୋ): ବିଜେଡିରେ ଅସନ୍ତୋଷ ବଢ଼ିଚାଲିଛି । ଦଳର ବରିଷ୍ଠ ନେତାମାନେ ନିଜ ମତ ସ୍ପଷ୍ଟ ଭାବେ ରଖୁଛନ୍ତି । ସଂଗଠନ ଭିତରେ ନିଷ୍ପତ୍ତି ନେବାକୁ ନେଇ ପ୍ରଶ୍ନ ଉଠୁଛି । କର୍ମୀମାନେ ଅପେକ୍ଷା କରିଛନ୍ତି ।
ଗଲାଣରେ ବୃଦ୍ଧ ଦୁଇ ଏବଂ ପରିବାର ସଦସ୍ୟଙ୍କ ଆରେ କଲେ ଜଙ୍ଗଲ
ଲୁଟିନେଲେ ୩୦ ଲକ୍ଷର ଅଳଙ୍କାର
ଭୁବନେଶ୍ୱର, ୫।୪ (ବ୍ୟୁରୋ): ବିଜେଡିରେ ଅସନ୍ତୋଷ ବଢ଼ିଚାଲିଛି । ଦଳର ବରିଷ୍ଠ ନେତାମାନେ ନିଜ ମତ ସ୍ପଷ୍ଟ ଭାବେ ରଖୁଛନ୍ତି । ସଂଗଠନ ଭିତରେ ନିଷ୍ପତ୍ତି ନେବାକୁ ନେଇ ପ୍ରଶ୍ନ ଉଠୁଛି । କର୍ମୀମାନେ ଅପେକ୍ଷା କରିଛନ୍ତି । ଭୁବନେଶ୍ୱର, ୫।୪ (ବ୍ୟୁରୋ): ବିଜେଡିରେ ଅସନ୍ତୋଷ ବଢ଼ିଚାଲିଛି । ଦଳର ବରିଷ୍ଠ ନେତାମାନେ ନିଜ ମତ ସ୍ପଷ୍ଟ ଭାବେ ରଖୁଛନ୍ତି । ସଂଗଠନ ଭିତରେ ନିଷ୍ପତ୍ତି ନେବାକୁ ନେଇ ପ୍ରଶ୍ନ ଉଠୁଛି । କର୍ମୀମାନେ ଅପେକ୍ଷା କରିଛନ୍ତି । ଭୁବନେଶ୍ୱର, ୫।୪ (ବ୍ୟୁରୋ): ବିଜେଡିରେ ଅସନ୍ତୋଷ ବଢ଼ିଚାଲିଛି । ଦଳର ବରିଷ୍ଠ ନେତାମାନେ ନିଜ ମତ ସ୍ପଷ୍ଟ ଭାବେ ରଖୁଛନ୍ତି । ସଂଗଠନ ଭିତରେ ନିଷ୍ପତ୍ତି ନେବାକୁ ନେଇ ପ୍ରଶ୍ନ ଉଠୁଛି । କର୍ମୀମାନେ ଅପେକ୍ଷା କରିଛନ୍ତି । ଭୁବନେଶ୍ୱର, ୫।୪ (ବ୍ୟୁରୋ): ବିଜେଡିରେ ଅସନ୍ତୋଷ ବଢ଼ିଚାଲିଛି । ଦଳର ବରିଷ୍ଠ ନେତାମାନେ ନିଜ ମତ ସ୍ପଷ୍ଟ ଭାବେ ରଖୁଛନ୍ତି । ସଂଗଠନ ଭିତରେ ନିଷ୍ପତ୍ତି ନେବାକୁ ନେଇ ପ୍ରଶ୍ନ ଉଠୁଛି । କର୍ମୀମାନେ ଅପେକ୍ଷା କରିଛନ୍ତି । ଭୁବନେଶ୍ୱର, ୫।୪ (ବ୍ୟୁରୋ): ବିଜେଡିରେ ଅସନ୍ତୋଷ ବଢ଼ିଚାଲିଛି । ଦଳର ବରିଷ୍ଠ ନେତାମାନେ ନିଜ ମତ ସ୍ପଷ୍ଟ ଭାବେ ରଖୁଛନ୍ତି । ସଂଗଠନ ଭିତରେ ନିଷ୍ପତ୍ତି ନେବାକୁ ନେଇ ପ୍ରଶ୍ନ ଉଠୁଛି । କର୍ମୀମାନେ ଅପେକ୍ଷା କରିଛନ୍ତି । ଭୁବନେଶ୍ୱର, ୫।୪ (ବ୍ୟୁରୋ): ବିଜେଡିରେ ଅସନ୍ତୋଷ ବଢ଼ିଚାଲିଛି । ଦଳର ବରିଷ୍ଠ ନେତାମାନେ ନିଜ ମତ ସ୍ପଷ୍ଟ ଭାବେ ରଖୁଛନ୍ତି । ସଂଗଠନ ଭିତରେ ନିଷ୍ପତ୍ତି ନେବାକୁ ନେଇ ପ୍ରଶ୍ନ ଉଠୁଛି । କର୍ମୀମାନେ ଅପେକ୍ଷା କରିଛନ୍ତି ।
◆ ଶରୀର, ବେକ, ହାତରୁ ଗହଣା ଛଡ଼ାଇଲେ
◆ ସମସ୍ତେ ତଳେ ପଡ଼ିଥିଲେ
◆ ପୋଲିସ ତଦନ୍ତ ଜାରି
ଭୁବନେଶ୍ୱର, ୫।୪ (ବ୍ୟୁରୋ): ବିଜେଡିରେ ଅସନ୍ତୋଷ ବଢ଼ିଚାଲିଛି । ଦଳର ବରିଷ୍ଠ ନେତାମାନେ ନିଜ ମତ ସ୍ପଷ୍ଟ ଭାବେ ରଖୁଛନ୍ତି । ସଂଗଠନ ଭିତରେ ନିଷ୍ପତ୍ତି ନେବାକୁ ନେଇ ପ୍ରଶ୍ନ ଉଠୁଛି । କର୍ମୀମାନେ ଅପେକ୍ଷା କରିଛନ୍ତି । ଭୁବନେଶ୍ୱର, ୫।୪ (ବ୍ୟୁରୋ): ବିଜେଡିରେ ଅସନ୍ତୋଷ ବଢ଼ିଚାଲିଛି । ଦଳର ବରିଷ୍ଠ ନେତାମାନେ ନିଜ ମତ ସ୍ପଷ୍ଟ ଭାବେ ରଖୁଛନ୍ତି । ସଂଗଠନ ଭିତରେ ନିଷ୍ପତ୍ତି ନେବାକୁ ନେଇ ପ୍ରଶ୍ନ ଉଠୁଛି । କର୍ମୀମାନେ ଅପେକ୍ଷା କରିଛନ୍ତି । ଭୁବନେଶ୍ୱର, ୫।୪ (ବ୍ୟୁରୋ): ବିଜେଡିରେ ଅସନ୍ତୋଷ ବଢ଼ିଚାଲିଛି । ଦଳର ବରିଷ୍ଠ ନେତାମାନେ ନିଜ ମତ ସ୍ପଷ୍ଟ ଭାବେ ରଖୁଛନ୍ତି । ସଂଗଠନ ଭିତରେ ନିଷ୍ପତ୍ତି ନେବାକୁ ନେଇ ପ୍ରଶ୍ନ ଉଠୁଛି । କର୍ମୀମାନେ ଅପେକ୍ଷା କରିଛନ୍ତି । ଭୁବନେଶ୍ୱର, ୫।୪ (ବ୍ୟୁରୋ): ବିଜେଡିରେ ଅସନ୍ତୋଷ ବଢ଼ିଚାଲିଛି । ଦଳର ବରିଷ୍ଠ ନେତାମାନେ ନିଜ ମତ ସ୍ପଷ୍ଟ ଭାବେ ରଖୁଛନ୍ତି । ସଂଗଠନ ଭିତରେ ନିଷ୍ପତ୍ତି ନେବାକୁ ନେଇ ପ୍ରଶ୍ନ ଉଠୁଛି । କର୍ମୀମାନେ ଅପେକ୍ଷା କରିଛନ୍ତି । ଭୁବନେଶ୍ୱର, ୫।୪ (ବ୍ୟୁରୋ): ବିଜେଡିରେ ଅସନ୍ତୋଷ ବଢ଼ିଚାଲିଛି । ଦଳର ବରିଷ୍ଠ ନେତାମାନେ ନିଜ ମତ ସ୍ପଷ୍ଟ ଭାବେ ରଖୁଛନ୍ତି । ସଂଗଠନ ଭିତରେ ନିଷ୍ପତ୍ତି ନେବାକୁ ନେଇ ପ୍ରଶ୍ନ ଉଠୁଛି । କର୍ମୀମାନେ ଅପେକ୍ଷା କରିଛନ୍ତି । ଭୁବନେଶ୍ୱର, ୫।୪ (ବ୍ୟୁରୋ): ବିଜେଡିରେ ଅସନ୍ତୋଷ ବଢ଼ିଚାଲିଛି । ଦଳର ବରିଷ୍ଠ ନେତାମାନେ ନିଜ ମତ ସ୍ପଷ୍ଟ ଭାବେ ରଖୁଛନ୍ତି । ସଂଗଠନ ଭିତରେ ନିଷ୍ପତ୍ତି ନେବାକୁ ନେଇ ପ୍ରଶ୍ନ ଉଠୁଛି । କର୍ମୀମାନେ ଅପେକ୍ଷା କରିଛନ୍ତି ।
ଭିତରେ
◆ ଅବୈଧ ଭାବେ ଦେଉଥିବା ଲାଇସେନ୍ସ ଦିଆଯାଉଛି
◆ ଭୁବନେଶ୍ୱର ବଢ଼ିବ ନିଆଁ
◆ ସାହିତ୍ୟ ଓ ସଂସ୍କୃତି ଉତ୍ସବ
RAMRAJ
SHIRTINGS & SUITINGS
COTTON • LINEN • TRADITIONAL
www.ramrajcotton.in
FOR TRADE ENQUIRY
Distributor:
RAMLAL RUPCHAND
NAYA SARAK, CUTTACK - 753 001
☎ : 94370 94433
ରାଜ୍ୟ ସଂଗ୍ରହାଳୟକୁ ଭରସା ଠିକା କର୍ମଚାରୀ
ଭୁବନେଶ୍ୱର, ୫।୪ (ବ୍ୟୁରୋ): ବିଜେଡିରେ ଅସନ୍ତୋଷ ବଢ଼ିଚାଲିଛି । ଦଳର ବରିଷ୍ଠ ନେତାମାନେ ନିଜ ମତ ସ୍ପଷ୍ଟ ଭାବେ ରଖୁଛନ୍ତି । ସଂଗଠନ ଭିତରେ ନିଷ୍ପତ୍ତି ନେବାକୁ ନେଇ ପ୍ରଶ୍ନ ଉଠୁଛି । କର୍ମୀମାନେ ଅପେକ୍ଷା କରିଛନ୍ତି । ଭୁବନେଶ୍ୱର, ୫।୪ (ବ୍ୟୁରୋ): ବିଜେଡିରେ ଅସନ୍ତୋଷ ବଢ଼ିଚାଲିଛି । ଦଳର ବରିଷ୍ଠ ନେତାମାନେ ନିଜ ମତ ସ୍ପଷ୍ଟ ଭାବେ ରଖୁଛନ୍ତି । ସଂଗଠନ ଭିତରେ ନିଷ୍ପତ୍ତି ନେବାକୁ ନେଇ ପ୍ରଶ୍ନ ଉଠୁଛି । କର୍ମୀମାନେ ଅପେକ୍ଷା କରିଛନ୍ତି । ଭୁବନେଶ୍ୱର, ୫।୪ (ବ୍ୟୁରୋ): ବିଜେଡିରେ ଅସନ୍ତୋଷ ବଢ଼ିଚାଲିଛି । ଦଳର ବରିଷ୍ଠ ନେତାମାନେ ନିଜ ମତ ସ୍ପଷ୍ଟ ଭାବେ ରଖୁଛନ୍ତି । ସଂଗଠନ ଭିତରେ ନିଷ୍ପତ୍ତି ନେବାକୁ ନେଇ ପ୍ରଶ୍ନ ଉଠୁଛି । କର୍ମୀମାନେ ଅପେକ୍ଷା କରିଛନ୍ତି । ଭୁବନେଶ୍ୱର, ୫।୪ (ବ୍ୟୁରୋ): ବିଜେଡିରେ ଅସନ୍ତୋଷ ବଢ଼ିଚାଲିଛି । ଦଳର ବରିଷ୍ଠ ନେତାମାନେ ନିଜ ମତ ସ୍ପଷ୍ଟ ଭାବେ ରଖୁଛନ୍ତି । ସଂଗଠନ ଭିତରେ ନିଷ୍ପତ୍ତି ନେବାକୁ ନେଇ ପ୍ରଶ୍ନ ଉଠୁଛି । କର୍ମୀମାନେ ଅପେକ୍ଷା କରିଛନ୍ତି । ଭୁବନେଶ୍ୱର, ୫।୪ (ବ୍ୟୁରୋ): ବିଜେଡିରେ ଅସନ୍ତୋଷ ବଢ଼ିଚାଲିଛି । ଦଳର ବରିଷ୍ଠ ନେତାମାନେ ନିଜ ମତ ସ୍ପଷ୍ଟ ଭାବେ ରଖୁଛନ୍ତି । ସଂଗଠନ ଭିତରେ ନିଷ୍ପତ୍ତି ନେବାକୁ ନେଇ ପ୍ରଶ୍ନ ଉଠୁଛି । କର୍ମୀମାନେ ଅପେକ୍ଷା କରିଛନ୍ତି । ଭୁବନେଶ୍ୱର, ୫।୪ (ବ୍ୟୁରୋ): ବିଜେଡିରେ ଅସନ୍ତୋଷ ବଢ଼ିଚାଲିଛି । ଦଳର ବରିଷ୍ଠ ନେତାମାନେ ନିଜ ମତ ସ୍ପଷ୍ଟ ଭାବେ ରଖୁଛନ୍ତି । ସଂଗଠନ ଭିତରେ ନିଷ୍ପତ୍ତି ନେବାକୁ ନେଇ ପ୍ରଶ୍ନ ଉଠୁଛି । କର୍ମୀମାନେ ଅପେକ୍ଷା କରିଛନ୍ତି ।
◆ ମୁଖ୍ୟ ସଂଗ୍ରହାଳୟ ବିଭାଗରେ ୧୧ଟି ପଦବୀ ଖାଲି
◆ ମନ୍ତ୍ରଣାଳୟରେ ପ୍ରସ୍ତାବ ପଠାଯାଇଛି
◆ ନିଯୁକ୍ତି ପାଇଁ ଶୀଘ୍ର ଲକ୍ଷ୍ୟ
◆ ୨୦ ଟି ଦାୟିତ୍ୱ ରେ ନିଯୁକ୍ତି ଯୋଜନା
◆ ଚିତ୍ରକଳା, ଲୋକକଳା ଓ ଇତିହାସ ଶାଖା ଖାଲି
◆ ପୁରୁଣା ପ୍ରଦର୍ଶନୀ ନୂଆ ଢଙ୍ଗରେ
ଭୁବନେଶ୍ୱର, ୫।୪ (ବ୍ୟୁରୋ): ବିଜେଡିରେ ଅସନ୍ତୋଷ ବଢ଼ିଚାଲିଛି । ଦଳର ବରିଷ୍ଠ ନେତାମାନେ ନିଜ ମତ ସ୍ପଷ୍ଟ ଭାବେ ରଖୁଛନ୍ତି । ସଂଗଠନ ଭିତରେ ନିଷ୍ପତ୍ତି ନେବାକୁ ନେଇ ପ୍ରଶ୍ନ ଉଠୁଛି । କର୍ମୀମାନେ ଅପେକ୍ଷା କରିଛନ୍ତି । ଭୁବନେଶ୍ୱର, ୫।୪ (ବ୍ୟୁରୋ): ବିଜେଡିରେ ଅସନ୍ତୋଷ ବଢ଼ିଚାଲିଛି । ଦଳର ବରିଷ୍ଠ ନେତାମାନେ ନିଜ ମତ ସ୍ପଷ୍ଟ ଭାବେ ରଖୁଛନ୍ତି । ସଂଗଠନ ଭିତରେ ନିଷ୍ପତ୍ତି ନେବାକୁ ନେଇ ପ୍ରଶ୍ନ ଉଠୁଛି । କର୍ମୀମାନେ ଅପେକ୍ଷା କରିଛନ୍ତି । ଭୁବନେଶ୍ୱର, ୫।୪ (ବ୍ୟୁରୋ): ବିଜେଡିରେ ଅସନ୍ତୋଷ ବଢ଼ିଚାଲିଛି । ଦଳର ବରିଷ୍ଠ ନେତାମାନେ ନିଜ ମତ ସ୍ପଷ୍ଟ ଭାବେ ରଖୁଛନ୍ତି । ସଂଗଠନ ଭିତରେ ନିଷ୍ପତ୍ତି ନେବାକୁ ନେଇ ପ୍ରଶ୍ନ ଉଠୁଛି । କର୍ମୀମାନେ ଅପେକ୍ଷା କରିଛନ୍ତି । ଭୁବନେଶ୍ୱର, ୫।୪ (ବ୍ୟୁରୋ): ବିଜେଡିରେ ଅସନ୍ତୋଷ ବଢ଼ିଚାଲିଛି । ଦଳର ବରିଷ୍ଠ ନେତାମାନେ ନିଜ ମତ ସ୍ପଷ୍ଟ ଭାବେ ରଖୁଛନ୍ତି । ସଂଗଠନ ଭିତରେ ନିଷ୍ପତ୍ତି ନେବାକୁ ନେଇ ପ୍ରଶ୍ନ ଉଠୁଛି । କର୍ମୀମାନେ ଅପେକ୍ଷା କରିଛନ୍ତି । ଭୁବନେଶ୍ୱର, ୫।୪ (ବ୍ୟୁରୋ): ବିଜେଡିରେ ଅସନ୍ତୋଷ ବଢ଼ିଚାଲିଛି । ଦଳର ବରିଷ୍ଠ ନେତାମାନେ ନିଜ ମତ ସ୍ପଷ୍ଟ ଭାବେ ରଖୁଛନ୍ତି । ସଂଗଠନ ଭିତରେ ନିଷ୍ପତ୍ତି ନେବାକୁ ନେଇ ପ୍ରଶ୍ନ ଉଠୁଛି । କର୍ମୀମାନେ ଅପେକ୍ଷା କରିଛନ୍ତି । ଭୁବନେଶ୍ୱର, ୫।୪ (ବ୍ୟୁରୋ): ବିଜେଡିରେ ଅସନ୍ତୋଷ ବଢ଼ିଚାଲିଛି । ଦଳର ବରିଷ୍ଠ ନେତାମାନେ ନିଜ ମତ ସ୍ପଷ୍ଟ ଭାବେ ରଖୁଛନ୍ତି । ସଂଗଠନ ଭିତରେ ନିଷ୍ପତ୍ତି ନେବାକୁ ନେଇ ପ୍ରଶ୍ନ ଉଠୁଛି । କର୍ମୀମାନେ ଅପେକ୍ଷା କରିଛନ୍ତି ।
ଭୁବନେଶ୍ୱର, ୫।୪ (ବ୍ୟୁରୋ): ବିଜେଡିରେ ଅସନ୍ତୋଷ ବଢ଼ିଚାଲିଛି । ଦଳର ବରିଷ୍ଠ ନେତାମାନେ ନିଜ ମତ ସ୍ପଷ୍ଟ ଭାବେ ରଖୁଛନ୍ତି । ସଂଗଠନ ଭିତରେ ନିଷ୍ପତ୍ତି ନେବାକୁ ନେଇ ପ୍ରଶ୍ନ ଉଠୁଛି । କର୍ମୀମାନେ ଅପେକ୍ଷା କରିଛନ୍ତି । ଭୁବନେଶ୍ୱର, ୫।୪ (ବ୍ୟୁରୋ): ବିଜେଡିରେ ଅସନ୍ତୋଷ ବଢ଼ିଚାଲିଛି । ଦଳର ବରିଷ୍ଠ ନେତାମାନେ ନିଜ ମତ ସ୍ପଷ୍ଟ ଭାବେ ରଖୁଛନ୍ତି । ସଂଗଠନ ଭିତରେ ନିଷ୍ପତ୍ତି ନେବାକୁ ନେଇ ପ୍ରଶ୍ନ ଉଠୁଛି । କର୍ମୀମାନେ ଅପେକ୍ଷା କରିଛନ୍ତି । ଭୁବନେଶ୍ୱର, ୫।୪ (ବ୍ୟୁରୋ): ବିଜେଡିରେ ଅସନ୍ତୋଷ ବଢ଼ିଚାଲିଛି । ଦଳର ବରିଷ୍ଠ ନେତାମାନେ ନିଜ ମତ ସ୍ପଷ୍ଟ ଭାବେ ରଖୁଛନ୍ତି । ସଂଗଠନ ଭିତରେ ନିଷ୍ପତ୍ତି ନେବାକୁ ନେଇ ପ୍ରଶ୍ନ ଉଠୁଛି । କର୍ମୀମାନେ ଅପେକ୍ଷା କରିଛନ୍ତି । ଭୁବନେଶ୍ୱର, ୫।୪ (ବ୍ୟୁରୋ): ବିଜେଡିରେ ଅସନ୍ତୋଷ ବଢ଼ିଚାଲିଛି । ଦଳର ବରିଷ୍ଠ ନେତାମାନେ ନିଜ ମତ ସ୍ପଷ୍ଟ ଭାବେ ରଖୁଛନ୍ତି । ସଂଗଠନ ଭିତରେ ନିଷ୍ପତ୍ତି ନେବାକୁ ନେଇ ପ୍ରଶ୍ନ ଉଠୁଛି । କର୍ମୀମାନେ ଅପେକ୍ଷା କରିଛନ୍ତି । ଭୁବନେଶ୍ୱର, ୫।୪ (ବ୍ୟୁରୋ): ବିଜେଡିରେ ଅସନ୍ତୋଷ ବଢ଼ିଚାଲିଛି । ଦଳର ବରିଷ୍ଠ ନେତାମାନେ ନିଜ ମତ ସ୍ପଷ୍ଟ ଭାବେ ରଖୁଛନ୍ତି । ସଂଗଠନ ଭିତରେ ନିଷ୍ପତ୍ତି ନେବାକୁ ନେଇ ପ୍ରଶ୍ନ ଉଠୁଛି । କର୍ମୀମାନେ ଅପେକ୍ଷା କରିଛନ୍ତି । ଭୁବନେଶ୍ୱର, ୫।୪ (ବ୍ୟୁରୋ): ବିଜେଡିରେ ଅସନ୍ତୋଷ ବଢ଼ିଚାଲିଛି । ଦଳର ବରିଷ୍ଠ ନେତାମାନେ ନିଜ ମତ ସ୍ପଷ୍ଟ ଭାବେ ରଖୁଛନ୍ତି । ସଂଗଠନ ଭିତରେ ନିଷ୍ପତ୍ତି ନେବାକୁ ନେଇ ପ୍ରଶ୍ନ ଉଠୁଛି । କର୍ମୀମାନେ ଅପେକ୍ଷା କରିଛନ୍ତି ।
ଭୁବନେଶ୍ୱର, ୫।୪ (ବ୍ୟୁରୋ): ବିଜେଡିରେ ଅସନ୍ତୋଷ ବଢ଼ିଚାଲିଛି । ଦଳର ବରିଷ୍ଠ ନେତାମାନେ ନିଜ ମତ ସ୍ପଷ୍ଟ ଭାବେ ରଖୁଛନ୍ତି । ସଂଗଠନ ଭିତରେ ନିଷ୍ପତ୍ତି ନେବାକୁ ନେଇ ପ୍ରଶ୍ନ ଉଠୁଛି । କର୍ମୀମାନେ ଅପେକ୍ଷା କରିଛନ୍ତି । ଭୁବନେଶ୍ୱର, ୫।୪ (ବ୍ୟୁରୋ): ବିଜେଡିରେ ଅସନ୍ତୋଷ ବଢ଼ିଚାଲିଛି । ଦଳର ବରିଷ୍ଠ ନେତାମାନେ ନିଜ ମତ ସ୍ପଷ୍ଟ ଭାବେ ରଖୁଛନ୍ତି । ସଂଗଠନ ଭିତରେ ନିଷ୍ପତ୍ତି ନେବାକୁ ନେଇ ପ୍ରଶ୍ନ ଉଠୁଛି । କର୍ମୀମାନେ ଅପେକ୍ଷା କରିଛନ୍ତି । ଭୁବନେଶ୍ୱର, ୫।୪ (ବ୍ୟୁରୋ): ବିଜେଡିରେ ଅସନ୍ତୋଷ ବଢ଼ିଚାଲିଛି । ଦଳର ବରିଷ୍ଠ ନେତାମାନେ ନିଜ ମତ ସ୍ପଷ୍ଟ ଭାବେ ରଖୁଛନ୍ତି । ସଂଗଠନ ଭିତରେ ନିଷ୍ପତ୍ତି ନେବାକୁ ନେଇ ପ୍ରଶ୍ନ ଉଠୁଛି । କର୍ମୀମାନେ ଅପେକ୍ଷା କରିଛନ୍ତି । ଭୁବନେଶ୍ୱର, ୫।୪ (ବ୍ୟୁରୋ): ବିଜେଡିରେ ଅସନ୍ତୋଷ ବଢ଼ିଚାଲିଛି । ଦଳର ବରିଷ୍ଠ ନେତାମାନେ ନିଜ ମତ ସ୍ପଷ୍ଟ ଭାବେ ରଖୁଛନ୍ତି । ସଂଗଠନ ଭିତରେ ନିଷ୍ପତ୍ତି ନେବାକୁ ନେଇ ପ୍ରଶ୍ନ ଉଠୁଛି । କର୍ମୀମାନେ ଅପେକ୍ଷା କରିଛନ୍ତି । ଭୁବନେଶ୍ୱର, ୫।୪ (ବ୍ୟୁରୋ): ବିଜେଡିରେ ଅସନ୍ତୋଷ ବଢ଼ିଚାଲିଛି । ଦଳର ବରିଷ୍ଠ ନେତାମାନେ ନିଜ ମତ ସ୍ପଷ୍ଟ ଭାବେ ରଖୁଛନ୍ତି । ସଂଗଠନ ଭିତରେ ନିଷ୍ପତ୍ତି ନେବାକୁ ନେଇ ପ୍ରଶ୍ନ ଉଠୁଛି । କର୍ମୀମାନେ ଅପେକ୍ଷା କରିଛନ୍ତି । ଭୁବନେଶ୍ୱର, ୫।୪ (ବ୍ୟୁରୋ): ବିଜେଡିରେ ଅସନ୍ତୋଷ ବଢ଼ିଚାଲିଛି । ଦଳର ବରିଷ୍ଠ ନେତାମାନେ ନିଜ ମତ ସ୍ପଷ୍ଟ ଭାବେ ରଖୁଛନ୍ତି । ସଂଗଠନ ଭିତରେ ନିଷ୍ପତ୍ତି ନେବାକୁ ନେଇ ପ୍ରଶ୍ନ ଉଠୁଛି । କର୍ମୀମାନେ ଅପେକ୍ଷା କରିଛନ୍ତି ।
SIKSHA 'O' ANUSANDHAN
SAAT-2025
Empowering
students
for a
brighter future
CORE B.TECH PROGRAMMES IN COMPUTING
◆ Computer Science and Engineering
◆ Computer Science and Information Technology
APPROVAL & RECOGNITIONS
◆ Approved by UGC and AICTE
◆ Re-accredited by NAAC with A++ Grade
◆ Granted with Category-1 Graded Autonomy by UGC
◆ NBA Accredited Programmes
NIRF INDIA RANKINGS 2024
◆ 14th Best in University Category
◆ 26th Best in Engineering Category
INTERNATIONAL RANKINGS 2025
◆ Ranked in QS World Rankings 2025
◆ Ranked in Times World Rankings 2025
To apply for admission through SAAT,
Please visit: www.soa.ac.in
